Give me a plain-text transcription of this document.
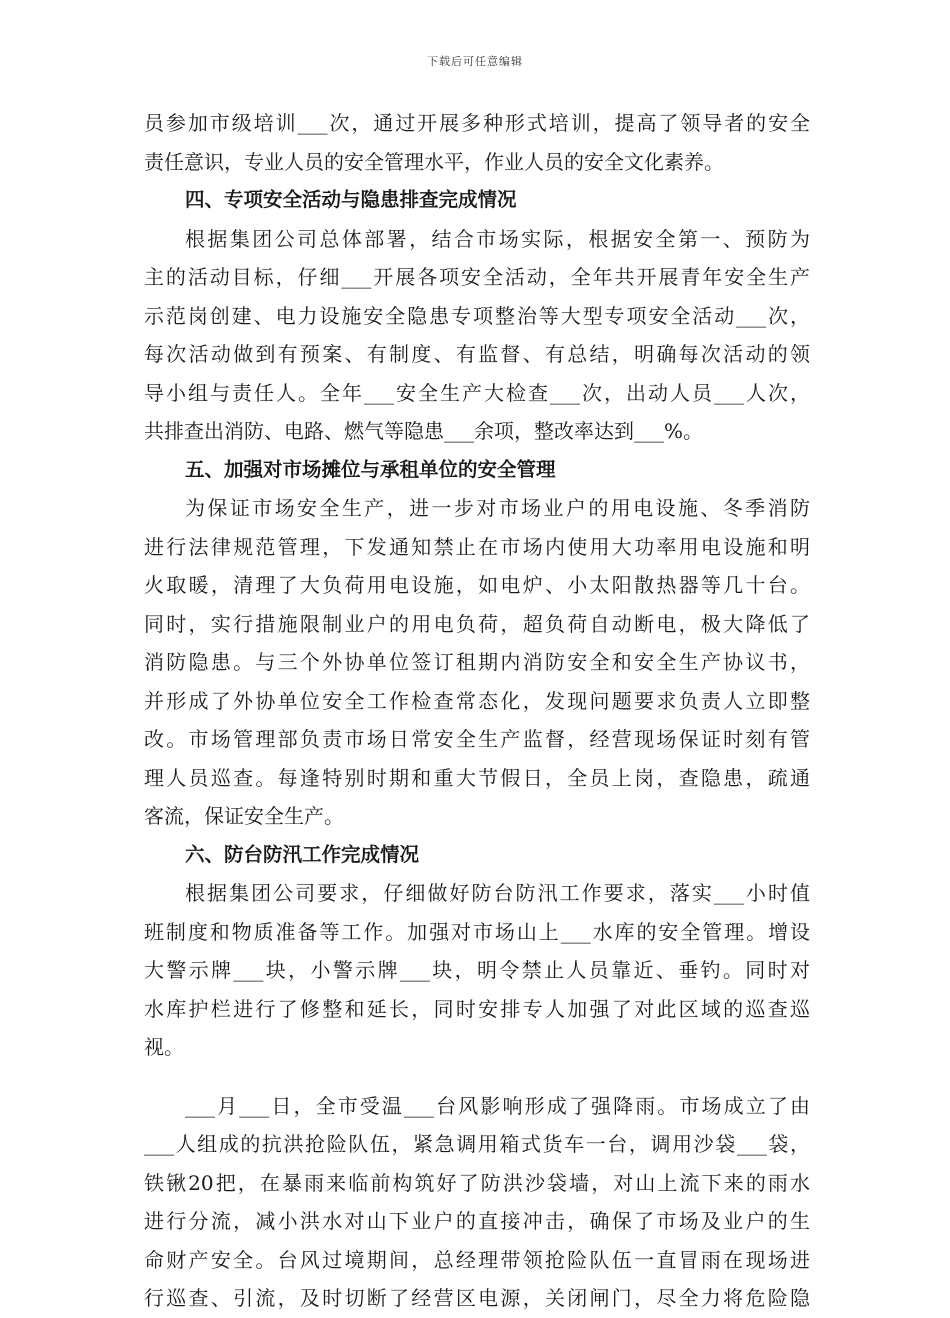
下载后可任意编辑
员参加市级培训___次，通过开展多种形式培训，提高了领导者的安全
责任意识，专业人员的安全管理水平，作业人员的安全文化素养。
四、专项安全活动与隐患排查完成情况
根据集团公司总体部署，结合市场实际，根据安全第一、预防为
主的活动目标，仔细___开展各项安全活动，全年共开展青年安全生产
示范岗创建、电力设施安全隐患专项整治等大型专项安全活动___次，
每次活动做到有预案、有制度、有监督、有总结，明确每次活动的领
导小组与责任人。全年___安全生产大检查___次，出动人员___人次，
共排查出消防、电路、燃气等隐患___余项，整改率达到___%。
五、加强对市场摊位与承租单位的安全管理
为保证市场安全生产，进一步对市场业户的用电设施、冬季消防
进行法律规范管理，下发通知禁止在市场内使用大功率用电设施和明
火取暖，清理了大负荷用电设施，如电炉、小太阳散热器等几十台。
同时，实行措施限制业户的用电负荷，超负荷自动断电，极大降低了
消防隐患。与三个外协单位签订租期内消防安全和安全生产协议书，
并形成了外协单位安全工作检查常态化，发现问题要求负责人立即整
改。市场管理部负责市场日常安全生产监督，经营现场保证时刻有管
理人员巡查。每逢特别时期和重大节假日，全员上岗，查隐患，疏通
客流，保证安全生产。
六、防台防汛工作完成情况
根据集团公司要求，仔细做好防台防汛工作要求，落实___小时值
班制度和物质准备等工作。加强对市场山上___水库的安全管理。增设
大警示牌___块，小警示牌___块，明令禁止人员靠近、垂钓。同时对
水库护栏进行了修整和延长，同时安排专人加强了对此区域的巡查巡
视。
___月___日，全市受温___台风影响形成了强降雨。市场成立了由
___人组成的抗洪抢险队伍，紧急调用箱式货车一台，调用沙袋___袋，
铁锹20把，在暴雨来临前构筑好了防洪沙袋墙，对山上流下来的雨水
进行分流，减小洪水对山下业户的直接冲击，确保了市场及业户的生
命财产安全。台风过境期间，总经理带领抢险队伍一直冒雨在现场进
行巡查、引流，及时切断了经营区电源，关闭闸门，尽全力将危险隐
